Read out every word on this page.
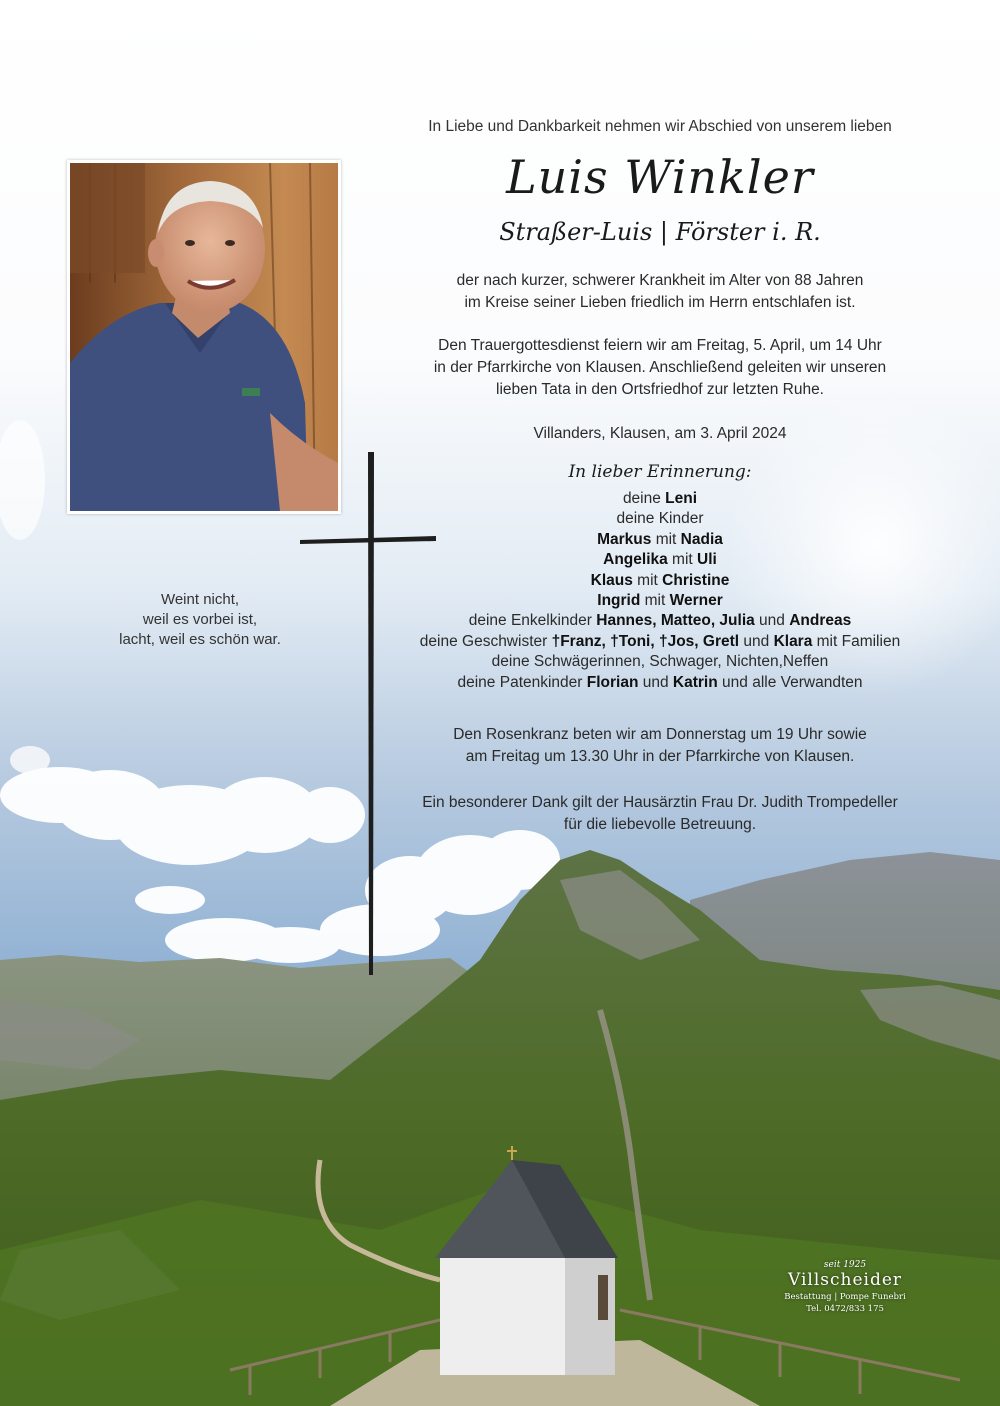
In Liebe und Dankbarkeit nehmen wir Abschied von unserem lieben
Luis Winkler
Straßer-Luis | Förster i. R.
der nach kurzer, schwerer Krankheit im Alter von 88 Jahren
im Kreise seiner Lieben friedlich im Herrn entschlafen ist.
Den Trauergottesdienst feiern wir am Freitag, 5. April, um 14 Uhr
in der Pfarrkirche von Klausen. Anschließend geleiten wir unseren
lieben Tata in den Ortsfriedhof zur letzten Ruhe.
Villanders, Klausen, am 3. April 2024
In lieber Erinnerung:
deine Leni
deine Kinder
Markus mit Nadia
Angelika mit Uli
Klaus mit Christine
Ingrid mit Werner
deine Enkelkinder Hannes, Matteo, Julia und Andreas
deine Geschwister †Franz, †Toni, †Jos, Gretl und Klara mit Familien
deine Schwägerinnen, Schwager, Nichten,Neffen
deine Patenkinder Florian und Katrin und alle Verwandten
Den Rosenkranz beten wir am Donnerstag um 19 Uhr sowie
am Freitag um 13.30 Uhr in der Pfarrkirche von Klausen.
Ein besonderer Dank gilt der Hausärztin Frau Dr. Judith Trompedeller
für die liebevolle Betreuung.
Weint nicht,
weil es vorbei ist,
lacht, weil es schön war.
seit 1925
Villscheider
Bestattung | Pompe Funebri
Tel. 0472/833 175
